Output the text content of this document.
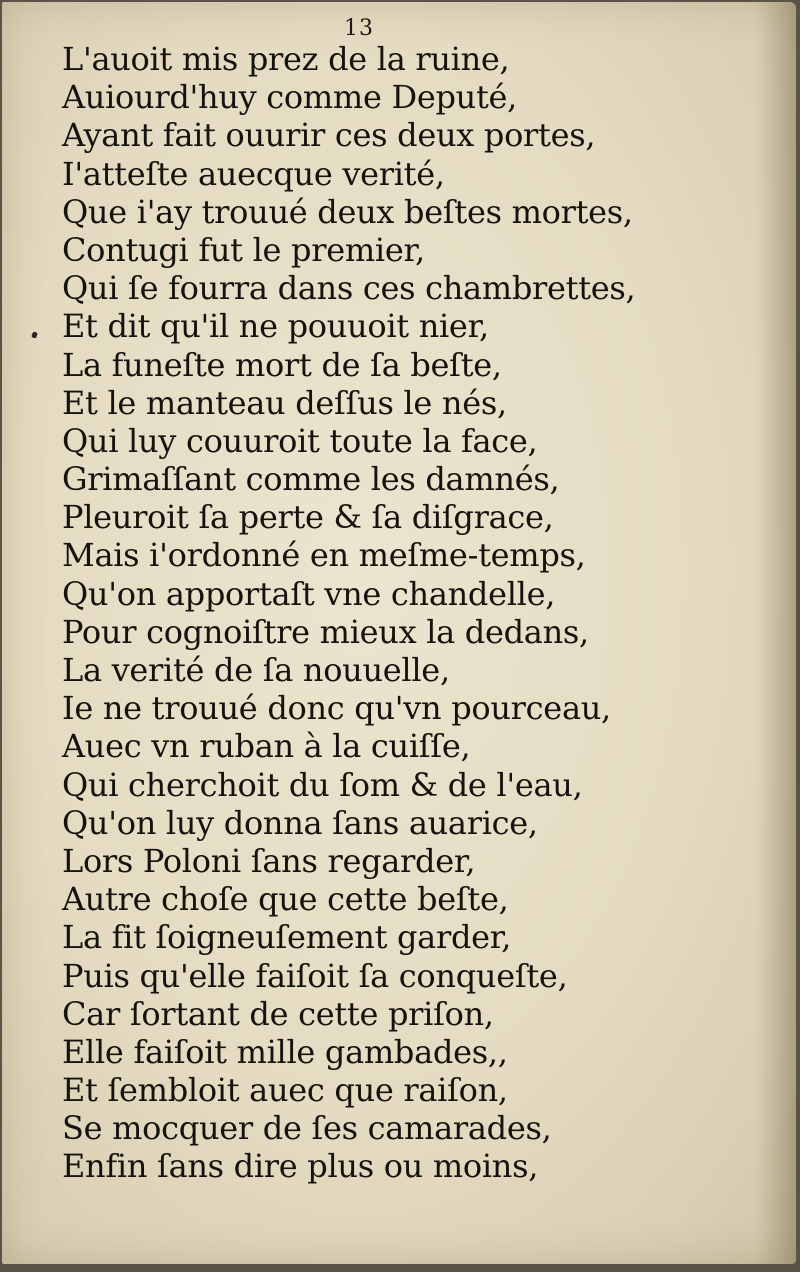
13
L'auoit mis prez de la ruine,
Auiourd'huy comme Deputé,
Ayant fait ouurir ces deux portes,
I'atteſte auecque verité,
Que i'ay trouué deux beſtes mortes,
Contugi fut le premier,
Qui ſe fourra dans ces chambrettes,
Et dit qu'il ne pouuoit nier,
La funeſte mort de ſa beſte,
Et le manteau deſſus le nés,
Qui luy couuroit toute la face,
Grimaſſant comme les damnés,
Pleuroit ſa perte & ſa diſgrace,
Mais i'ordonné en meſme-temps,
Qu'on apportaſt vne chandelle,
Pour cognoiſtre mieux la dedans,
La verité de ſa nouuelle,
Ie ne trouué donc qu'vn pourceau,
Auec vn ruban à la cuiſſe,
Qui cherchoit du ſom & de l'eau,
Qu'on luy donna ſans auarice,
Lors Poloni ſans regarder,
Autre choſe que cette beſte,
La fit ſoigneuſement garder,
Puis qu'elle faiſoit ſa conqueſte,
Car ſortant de cette priſon,
Elle faiſoit mille gambades,,
Et ſembloit auec que raiſon,
Se mocquer de ſes camarades,
Enfin ſans dire plus ou moins,
